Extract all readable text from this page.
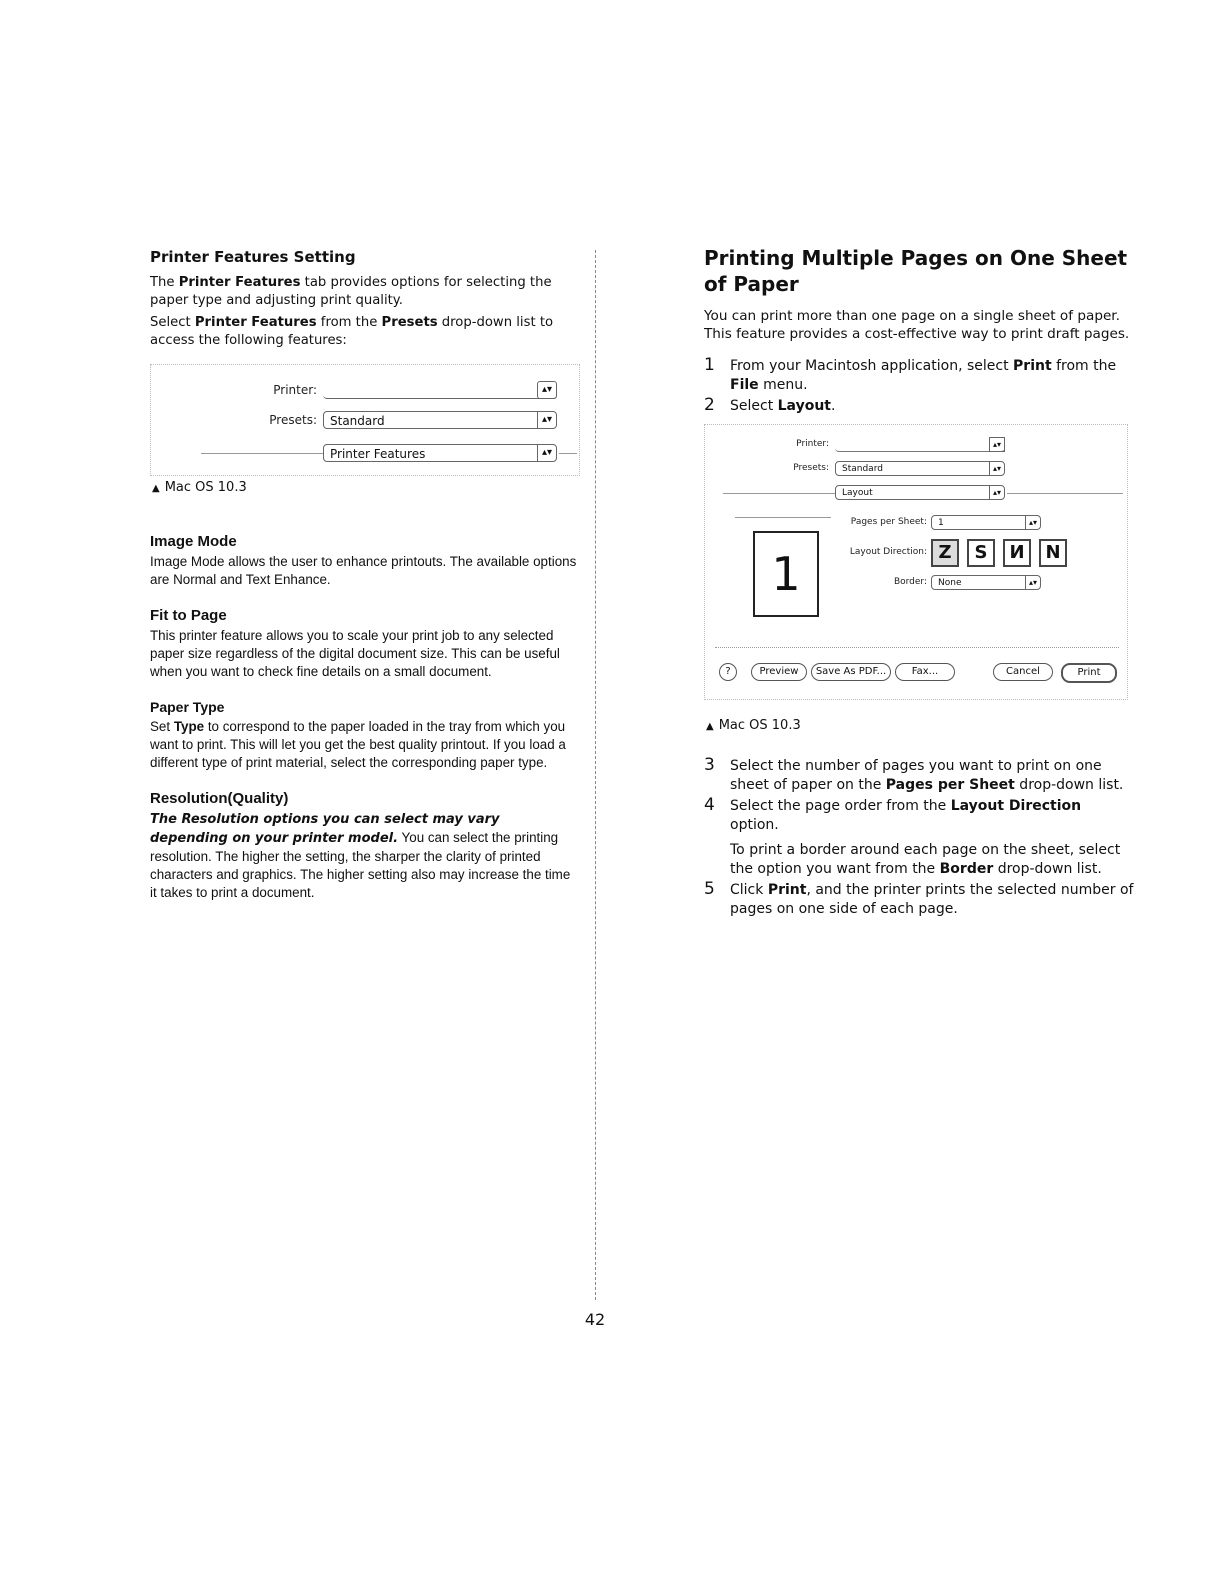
Printer Features Setting

The Printer Features tab provides options for selecting the paper type and adjusting print quality.

Select Printer Features from the Presets drop-down list to access the following features:

Printer:	▴▾
Presets:	Standard	▴▾
Printer Features	▴▾
▲ Mac OS 10.3
Image Mode

Image Mode allows the user to enhance printouts. The available options are Normal and Text Enhance.

Fit to Page

This printer feature allows you to scale your print job to any selected paper size regardless of the digital document size. This can be useful when you want to check fine details on a small document.

Paper Type

Set Type to correspond to the paper loaded in the tray from which you want to print. This will let you get the best quality printout. If you load a different type of print material, select the corresponding paper type.

Resolution(Quality)

The Resolution options you can select may vary depending on your printer model. You can select the printing resolution. The higher the setting, the sharper the clarity of printed characters and graphics. The higher setting also may increase the time it takes to print a document.

Printing Multiple Pages on One Sheet of Paper

You can print more than one page on a single sheet of paper. This feature provides a cost-effective way to print draft pages.

1 From your Macintosh application, select Print from the File menu.
2 Select Layout.
Printer:	▴▾
Presets:	Standard	▴▾
Layout	▴▾
1
Pages per Sheet:	1	▴▾
Layout Direction: Z	S	И	N
Border:	None	▴▾
?	Preview	Save As PDF...	Fax...	Cancel	Print
▲ Mac OS 10.3
3 Select the number of pages you want to print on one sheet of paper on the Pages per Sheet drop-down list.
4 Select the page order from the Layout Direction option.
To print a border around each page on the sheet, select the option you want from the Border drop-down list.
5 Click Print, and the printer prints the selected number of pages on one side of each page.
42
